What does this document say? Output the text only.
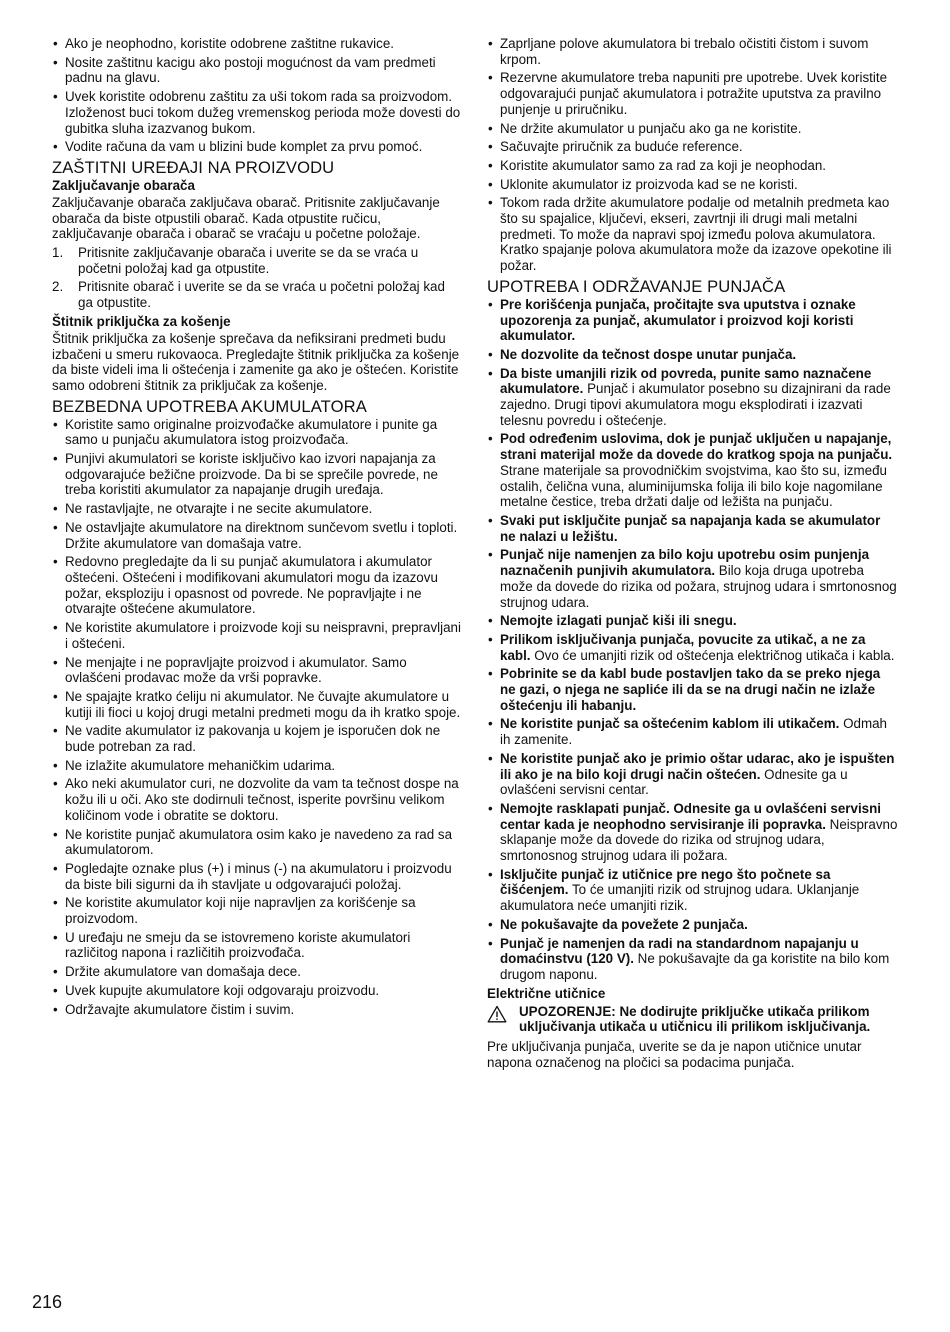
• Ako je neophodno, koristite odobrene zaštitne rukavice.
• Nosite zaštitnu kacigu ako postoji mogućnost da vam predmeti padnu na glavu.
• Uvek koristite odobrenu zaštitu za uši tokom rada sa proizvodom. Izloženost buci tokom dužeg vremenskog perioda može dovesti do gubitka sluha izazvanog bukom.
• Vodite računa da vam u blizini bude komplet za prvu pomoć.
ZAŠTITNI UREĐAJI NA PROIZVODU
Zaključavanje obarača

Zaključavanje obarača zaključava obarač. Pritisnite zaključavanje obarača da biste otpustili obarač. Kada otpustite ručicu, zaključavanje obarača i obarač se vraćaju u početne položaje.

1. Pritisnite zaključavanje obarača i uverite se da se vraća u početni položaj kad ga otpustite.
2. Pritisnite obarač i uverite se da se vraća u početni položaj kad ga otpustite.
Štitnik priključka za košenje

Štitnik priključka za košenje sprečava da nefiksirani predmeti budu izbačeni u smeru rukovaoca. Pregledajte štitnik priključka za košenje da biste videli ima li oštećenja i zamenite ga ako je oštećen. Koristite samo odobreni štitnik za priključak za košenje.

BEZBEDNA UPOTREBA AKUMULATORA
• Koristite samo originalne proizvođačke akumulatore i punite ga samo u punjaču akumulatora istog proizvođača.
• Punjivi akumulatori se koriste isključivo kao izvori napajanja za odgovarajuće bežične proizvode. Da bi se sprečile povrede, ne treba koristiti akumulator za napajanje drugih uređaja.
• Ne rastavljajte, ne otvarajte i ne secite akumulatore.
• Ne ostavljajte akumulatore na direktnom sunčevom svetlu i toploti. Držite akumulatore van domašaja vatre.
• Redovno pregledajte da li su punjač akumulatora i akumulator oštećeni. Oštećeni i modifikovani akumulatori mogu da izazovu požar, eksploziju i opasnost od povrede. Ne popravljajte i ne otvarajte oštećene akumulatore.
• Ne koristite akumulatore i proizvode koji su neispravni, prepravljani i oštećeni.
• Ne menjajte i ne popravljajte proizvod i akumulator. Samo ovlašćeni prodavac može da vrši popravke.
• Ne spajajte kratko ćeliju ni akumulator. Ne čuvajte akumulatore u kutiji ili fioci u kojoj drugi metalni predmeti mogu da ih kratko spoje.
• Ne vadite akumulator iz pakovanja u kojem je isporučen dok ne bude potreban za rad.
• Ne izlažite akumulatore mehaničkim udarima.
• Ako neki akumulator curi, ne dozvolite da vam ta tečnost dospe na kožu ili u oči. Ako ste dodirnuli tečnost, isperite površinu velikom količinom vode i obratite se doktoru.
• Ne koristite punjač akumulatora osim kako je navedeno za rad sa akumulatorom.
• Pogledajte oznake plus (+) i minus (-) na akumulatoru i proizvodu da biste bili sigurni da ih stavljate u odgovarajući položaj.
• Ne koristite akumulator koji nije napravljen za korišćenje sa proizvodom.
• U uređaju ne smeju da se istovremeno koriste akumulatori različitog napona i različitih proizvođača.
• Držite akumulatore van domašaja dece.
• Uvek kupujte akumulatore koji odgovaraju proizvodu.
• Održavajte akumulatore čistim i suvim.
• Zaprljane polove akumulatora bi trebalo očistiti čistom i suvom krpom.
• Rezervne akumulatore treba napuniti pre upotrebe. Uvek koristite odgovarajući punjač akumulatora i potražite uputstva za pravilno punjenje u priručniku.
• Ne držite akumulator u punjaču ako ga ne koristite.
• Sačuvajte priručnik za buduće reference.
• Koristite akumulator samo za rad za koji je neophodan.
• Uklonite akumulator iz proizvoda kad se ne koristi.
• Tokom rada držite akumulatore podalje od metalnih predmeta kao što su spajalice, ključevi, ekseri, zavrtnji ili drugi mali metalni predmeti. To može da napravi spoj između polova akumulatora. Kratko spajanje polova akumulatora može da izazove opekotine ili požar.
UPOTREBA I ODRŽAVANJE PUNJAČA
• Pre korišćenja punjača, pročitajte sva uputstva i oznake upozorenja za punjač, akumulator i proizvod koji koristi akumulator.
• Ne dozvolite da tečnost dospe unutar punjača.
• Da biste umanjili rizik od povreda, punite samo naznačene akumulatore. Punjač i akumulator posebno su dizajnirani da rade zajedno. Drugi tipovi akumulatora mogu eksplodirati i izazvati telesnu povredu i oštećenje.
• Pod određenim uslovima, dok je punjač uključen u napajanje, strani materijal može da dovede do kratkog spoja na punjaču. Strane materijale sa provodničkim svojstvima, kao što su, između ostalih, čelična vuna, aluminijumska folija ili bilo koje nagomilane metalne čestice, treba držati dalje od ležišta na punjaču.
• Svaki put isključite punjač sa napajanja kada se akumulator ne nalazi u ležištu.
• Punjač nije namenjen za bilo koju upotrebu osim punjenja naznačenih punjivih akumulatora. Bilo koja druga upotreba može da dovede do rizika od požara, strujnog udara i smrtonosnog strujnog udara.
• Nemojte izlagati punjač kiši ili snegu.
• Prilikom isključivanja punjača, povucite za utikač, a ne za kabl. Ovo će umanjiti rizik od oštećenja električnog utikača i kabla.
• Pobrinite se da kabl bude postavljen tako da se preko njega ne gazi, o njega ne sapliće ili da se na drugi način ne izlaže oštećenju ili habanju.
• Ne koristite punjač sa oštećenim kablom ili utikačem. Odmah ih zamenite.
• Ne koristite punjač ako je primio oštar udarac, ako je ispušten ili ako je na bilo koji drugi način oštećen. Odnesite ga u ovlašćeni servisni centar.
• Nemojte rasklapati punjač. Odnesite ga u ovlašćeni servisni centar kada je neophodno servisiranje ili popravka. Neispravno sklapanje može da dovede do rizika od strujnog udara, smrtonosnog strujnog udara ili požara.
• Isključite punjač iz utičnice pre nego što počnete sa čišćenjem. To će umanjiti rizik od strujnog udara. Uklanjanje akumulatora neće umanjiti rizik.
• Ne pokušavajte da povežete 2 punjača.
• Punjač je namenjen da radi na standardnom napajanju u domaćinstvu (120 V). Ne pokušavajte da ga koristite na bilo kom drugom naponu.
Električne utičnice
UPOZORENJE: Ne dodirujte priključke utikača prilikom uključivanja utikača u utičnicu ili prilikom isključivanja.

Pre uključivanja punjača, uverite se da je napon utičnice unutar napona označenog na pločici sa podacima punjača.

216
